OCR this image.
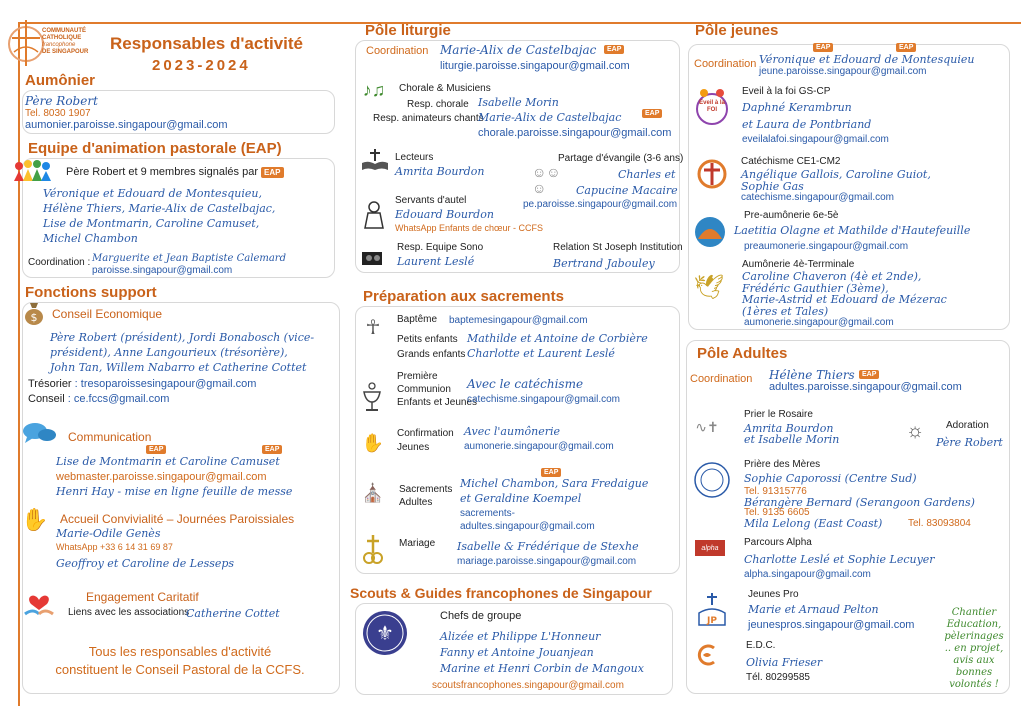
COMMUNAUTÉ
CATHOLIQUE
francophone
DE SINGAPOUR Responsables d'activité
2023-2024
Aumônier
Père Robert
Tel. 8030 1907
aumonier.paroisse.singapour@gmail.com
Equipe d'animation pastorale (EAP)
Père Robert et 9 membres signalés par EAP
Véronique et Edouard de Montesquieu,
Hélène Thiers, Marie-Alix de Castelbajac,
Lise de Montmarin, Caroline Camuset,
Michel Chambon
Coordination : Marguerite et Jean Baptiste Calemard
paroisse.singapour@gmail.com
Fonctions support
$ Conseil Economique
Père Robert (président), Jordi Bonabosch (vice-
président), Anne Langourieux (trésorière),
John Tan, Willem Nabarro et Catherine Cottet
Trésorier : tresoparoissesingapour@gmail.com
Conseil : ce.fccs@gmail.com
Communication
EAP	EAP
Lise de Montmarin et Caroline Camuset
webmaster.paroisse.singapour@gmail.com
Henri Hay - mise en ligne feuille de messe
✋ Accueil Convivialité – Journées Paroissiales
Marie-Odile Genès
WhatsApp +33 6 14 31 69 87
Geoffroy et Caroline de Lesseps
Engagement Caritatif
Liens avec les associations
Catherine Cottet
Tous les responsables d'activité
constituent le Conseil Pastoral de la CCFS.
Pôle liturgie
Coordination Marie-Alix de Castelbajac	EAP
liturgie.paroisse.singapour@gmail.com
♪♫ Chorale & Musiciens
Resp. chorale Isabelle Morin
Resp. animateurs chants
Marie-Alix de Castelbajac	EAP
chorale.paroisse.singapour@gmail.com
Lecteurs
Amrita Bourdon
Partage d'évangile (3-6 ans)
☺☺☺
Charles et
Capucine Macaire
pe.paroisse.singapour@gmail.com
Servants d'autel
Edouard Bourdon
WhatsApp Enfants de chœur - CCFS
Resp. Equipe Sono
Laurent Leslé
Relation St Joseph Institution
Bertrand Jabouley
Préparation aux sacrements
☥	Baptême baptemesingapour@gmail.com
Petits enfants Mathilde et Antoine de Corbière
Grands enfants Charlotte et Laurent Leslé
Première
Communion
Enfants et Jeunes
Avec le catéchisme
catechisme.singapour@gmail.com
✋	Confirmation
Jeunes
Avec l'aumônerie
aumonerie.singapour@gmail.com
⛪
EAP
Sacrements
Adultes
Michel Chambon, Sara Fredaigue
et Geraldine Koempel
sacrements-
adultes.singapour@gmail.com
Mariage Isabelle & Frédérique de Stexhe
mariage.paroisse.singapour@gmail.com
Scouts & Guides francophones de Singapour
⚜
Chefs de groupe
Alizée et Philippe L'Honneur
Fanny et Antoine Jouanjean
Marine et Henri Corbin de Mangoux
scoutsfrancophones.singapour@gmail.com
Pôle jeunes
EAP	EAP
Coordination Véronique et Edouard de Montesquieu
jeune.paroisse.singapour@gmail.com
Eveil à la FOI
Eveil à la foi GS-CP
Daphné Kerambrun
et Laura de Pontbriand
eveilalafoi.singapour@gmail.com
Catéchisme CE1-CM2
Angélique Gallois, Caroline Guiot,
Sophie Gas
catechisme.singapour@gmail.com
Pre-aumônerie 6e-5è
Laetitia Olagne et Mathilde d'Hautefeuille
preaumonerie.singapour@gmail.com
🕊
Aumônerie 4è-Terrminale
Caroline Chaveron (4è et 2nde),
Frédéric Gauthier (3ème),
Marie-Astrid et Edouard de Mézerac
(1ères et Tales)
aumonerie.singapour@gmail.com
Pôle Adultes
Coordination Hélène Thiers	EAP
adultes.paroisse.singapour@gmail.com
∿✝
Prier le Rosaire
Amrita Bourdon
et Isabelle Morin	☼ Adoration
Père Robert
Prière des Mères
Sophie Caporossi (Centre Sud)
Tel. 91315776
Bérangère Bernard (Serangoon Gardens)
Tel. 9135 6605
Mila Lelong (East Coast)	Tel. 83093804
alpha	Parcours Alpha
Charlotte Leslé et Sophie Lecuyer
alpha.singapour@gmail.com
JP
Jeunes Pro
Marie et Arnaud Pelton
jeunespros.singapour@gmail.com
E.D.C.
Olivia Frieser
Tél. 80299585
Chantier
Education,
pèlerinages
.. en projet,
avis aux
bonnes
volontés !
